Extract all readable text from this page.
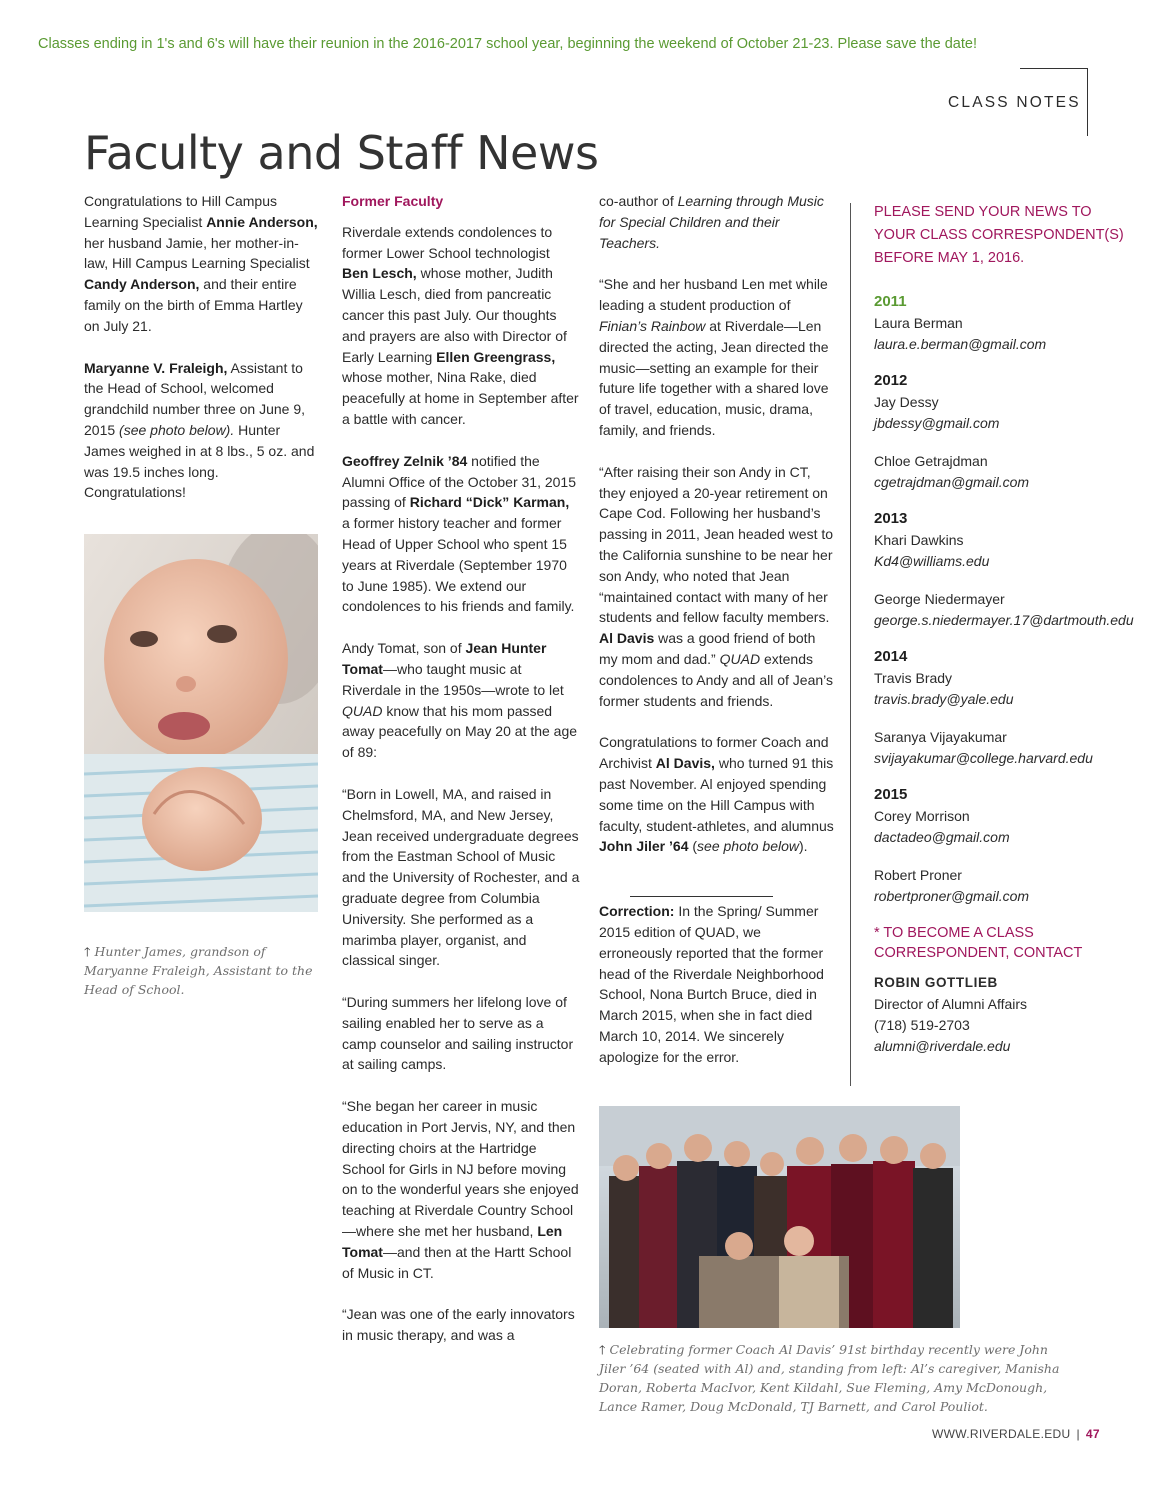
Classes ending in 1's and 6's will have their reunion in the 2016-2017 school year, beginning the weekend of October 21-23. Please save the date!
CLASS NOTES
Faculty and Staff News

Congratulations to Hill Campus Learning Specialist Annie Anderson, her husband Jamie, her mother-in-law, Hill Campus Learning Specialist Candy Anderson, and their entire family on the birth of Emma Hartley on July 21.

Maryanne V. Fraleigh, Assistant to the Head of School, welcomed grandchild number three on June 9, 2015 (see photo below). Hunter James weighed in at 8 lbs., 5 oz. and was 19.5 inches long. Congratulations!

🡑 Hunter James, grandson of Maryanne Fraleigh, Assistant to the Head of School.
Former Faculty

Riverdale extends condolences to former Lower School technologist Ben Lesch, whose mother, Judith Willia Lesch, died from pancreatic cancer this past July. Our thoughts and prayers are also with Director of Early Learning Ellen Greengrass, whose mother, Nina Rake, died peacefully at home in September after a battle with cancer.

Geoffrey Zelnik ’84 notified the Alumni Office of the October 31, 2015 passing of Richard “Dick” Karman, a former history teacher and former Head of Upper School who spent 15 years at Riverdale (September 1970 to June 1985). We extend our condolences to his friends and family.

Andy Tomat, son of Jean Hunter Tomat—who taught music at Riverdale in the 1950s—wrote to let QUAD know that his mom passed away peacefully on May 20 at the age of 89:

“Born in Lowell, MA, and raised in Chelmsford, MA, and New Jersey, Jean received undergraduate degrees from the Eastman School of Music and the University of Rochester, and a graduate degree from Columbia University. She performed as a marimba player, organist, and classical singer.

“During summers her lifelong love of sailing enabled her to serve as a camp counselor and sailing instructor at sailing camps.

“She began her career in music education in Port Jervis, NY, and then directing choirs at the Hartridge School for Girls in NJ before moving on to the wonderful years she enjoyed teaching at Riverdale Country School—where she met her husband, Len Tomat—and then at the Hartt School of Music in CT.

“Jean was one of the early innovators in music therapy, and was a

co-author of Learning through Music for Special Children and their Teachers.

“She and her husband Len met while leading a student production of Finian’s Rainbow at Riverdale—Len directed the acting, Jean directed the music—setting an example for their future life together with a shared love of travel, education, music, drama, family, and friends.

“After raising their son Andy in CT, they enjoyed a 20-year retirement on Cape Cod. Following her husband’s passing in 2011, Jean headed west to the California sunshine to be near her son Andy, who noted that Jean “maintained contact with many of her students and fellow faculty members. Al Davis was a good friend of both my mom and dad.” QUAD extends condolences to Andy and all of Jean’s former students and friends.

Congratulations to former Coach and Archivist Al Davis, who turned 91 this past November. Al enjoyed spending some time on the Hill Campus with faculty, student-athletes, and alumnus John Jiler ’64 (see photo below).

Correction: In the Spring/ Summer 2015 edition of QUAD, we erroneously reported that the former head of the Riverdale Neighborhood School, Nona Burtch Bruce, died in March 2015, when she in fact died March 10, 2014. We sincerely apologize for the error.

🡑 Celebrating former Coach Al Davis’ 91st birthday recently were John Jiler ’64 (seated with Al) and, standing from left: Al’s caregiver, Manisha Doran, Roberta MacIvor, Kent Kildahl, Sue Fleming, Amy McDonough, Lance Ramer, Doug McDonald, TJ Barnett, and Carol Pouliot.
PLEASE SEND YOUR NEWS TO YOUR CLASS CORRESPONDENT(S) BEFORE MAY 1, 2016.
2011
Laura Berman
laura.e.berman@gmail.com
2012
Jay Dessy
jbdessy@gmail.com
Chloe Getrajdman
cgetrajdman@gmail.com
2013
Khari Dawkins
Kd4@williams.edu
George Niedermayer
george.s.niedermayer.17@dartmouth.edu
2014
Travis Brady
travis.brady@yale.edu
Saranya Vijayakumar
svijayakumar@college.harvard.edu
2015
Corey Morrison
dactadeo@gmail.com
Robert Proner
robertproner@gmail.com
* TO BECOME A CLASS CORRESPONDENT, CONTACT
ROBIN GOTTLIEB
Director of Alumni Affairs
(718) 519-2703
alumni@riverdale.edu
WWW.RIVERDALE.EDU | 47
